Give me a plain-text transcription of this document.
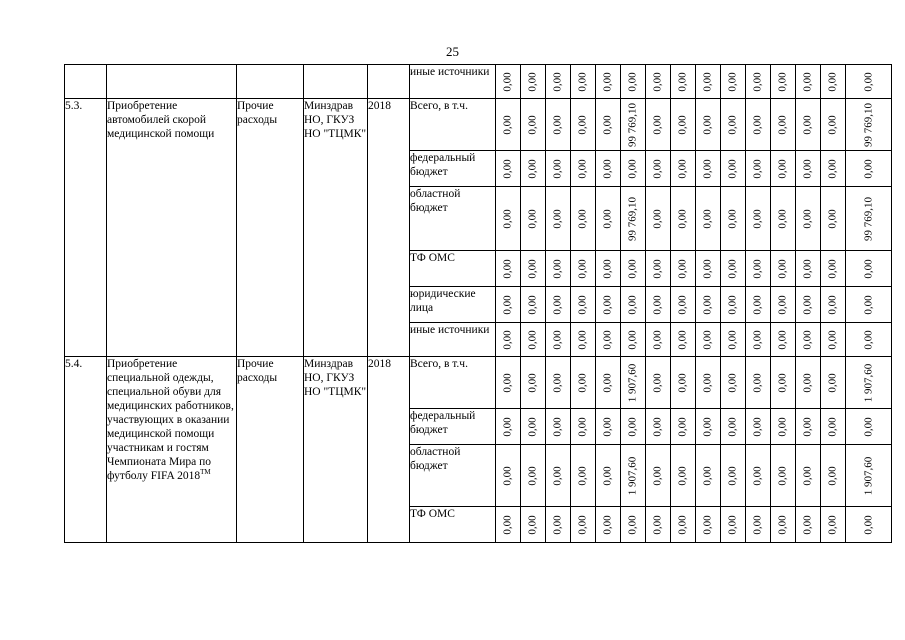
25
					иные источники	0,00	0,00	0,00	0,00	0,00	0,00	0,00	0,00	0,00	0,00	0,00	0,00	0,00	0,00	0,00

5.3.	Приобретение автомобилей скорой медицинской помощи	Прочие расходы	Минздрав НО, ГКУЗ НО "ТЦМК"	2018	Всего, в т.ч.	0,00	0,00	0,00	0,00	0,00	99 769,10	0,00	0,00	0,00	0,00	0,00	0,00	0,00	0,00	99 769,10

					федеральный бюджет	0,00	0,00	0,00	0,00	0,00	0,00	0,00	0,00	0,00	0,00	0,00	0,00	0,00	0,00	0,00

					областной бюджет	0,00	0,00	0,00	0,00	0,00	99 769,10	0,00	0,00	0,00	0,00	0,00	0,00	0,00	0,00	99 769,10

					ТФ ОМС	0,00	0,00	0,00	0,00	0,00	0,00	0,00	0,00	0,00	0,00	0,00	0,00	0,00	0,00	0,00

					юридические лица	0,00	0,00	0,00	0,00	0,00	0,00	0,00	0,00	0,00	0,00	0,00	0,00	0,00	0,00	0,00

					иные источники	0,00	0,00	0,00	0,00	0,00	0,00	0,00	0,00	0,00	0,00	0,00	0,00	0,00	0,00	0,00

5.4.	Приобретение специальной одежды, специальной обуви для медицинских работников, участвующих в оказании медицинской помощи участникам и гостям Чемпионата Мира по футболу FIFA 2018™	Прочие расходы	Минздрав НО, ГКУЗ НО "ТЦМК"	2018	Всего, в т.ч.	0,00	0,00	0,00	0,00	0,00	1 907,60	0,00	0,00	0,00	0,00	0,00	0,00	0,00	0,00	1 907,60

					федеральный бюджет	0,00	0,00	0,00	0,00	0,00	0,00	0,00	0,00	0,00	0,00	0,00	0,00	0,00	0,00	0,00

					областной бюджет	0,00	0,00	0,00	0,00	0,00	1 907,60	0,00	0,00	0,00	0,00	0,00	0,00	0,00	0,00	1 907,60

					ТФ ОМС	0,00	0,00	0,00	0,00	0,00	0,00	0,00	0,00	0,00	0,00	0,00	0,00	0,00	0,00	0,00
